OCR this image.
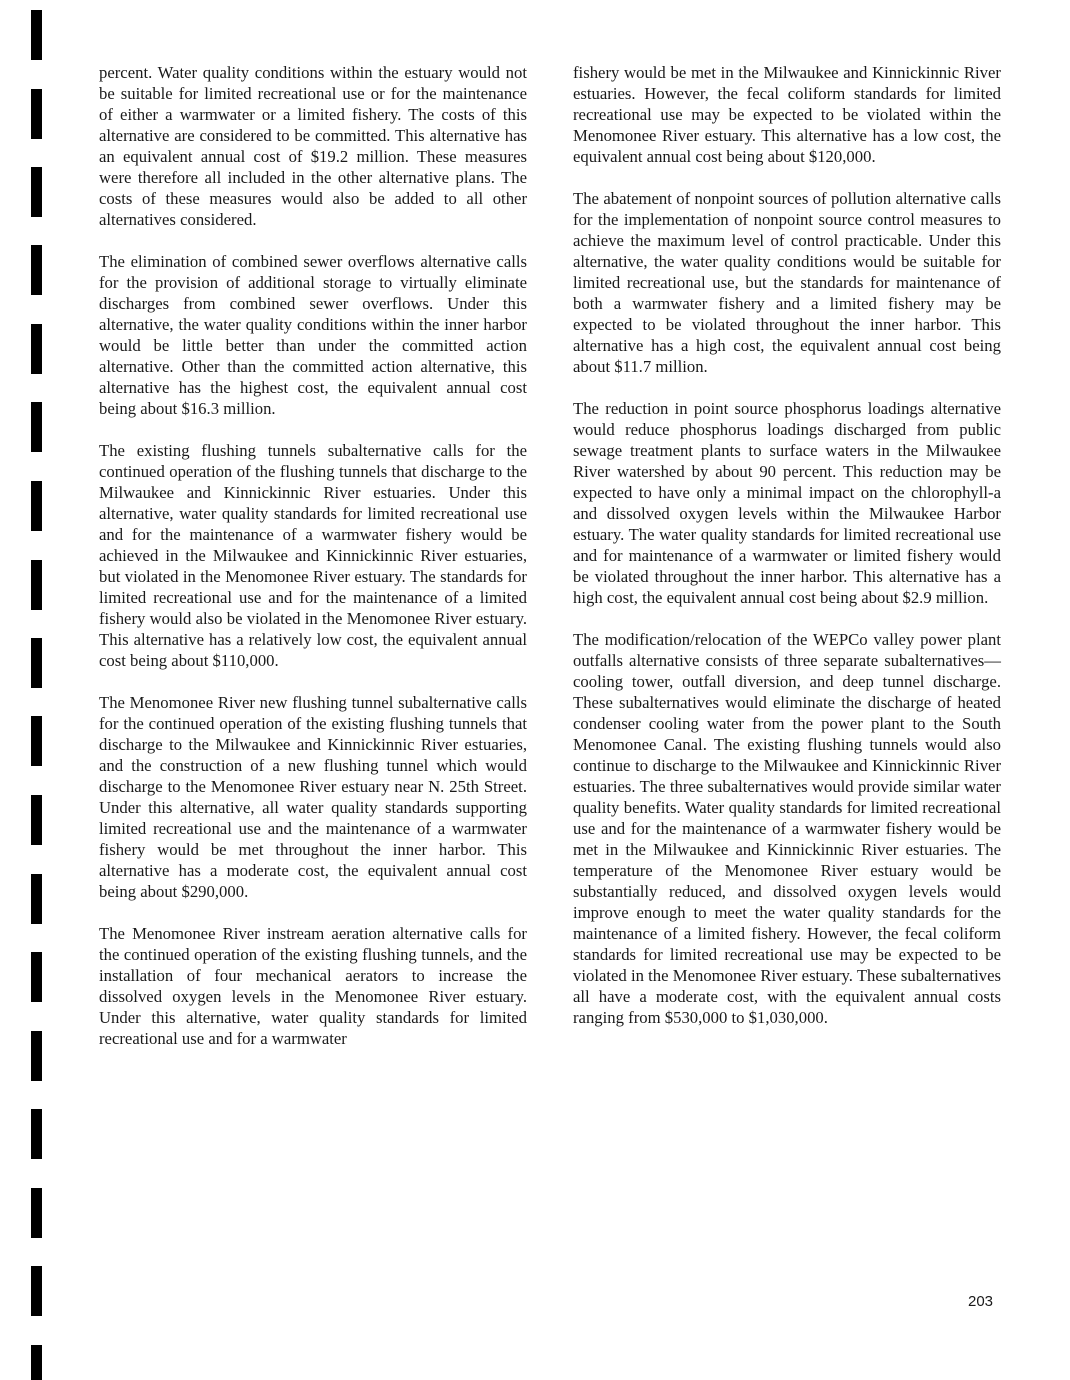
percent. Water quality conditions within the estuary would not be suitable for limited recreational use or for the maintenance of either a warmwater or a limited fishery. The costs of this alternative are considered to be committed. This alternative has an equivalent annual cost of $19.2 million. These measures were therefore all included in the other alternative plans. The costs of these measures would also be added to all other alternatives considered.

The elimination of combined sewer overflows alternative calls for the provision of additional storage to virtually eliminate discharges from combined sewer overflows. Under this alternative, the water quality conditions within the inner harbor would be little better than under the committed action alternative. Other than the committed action alternative, this alternative has the highest cost, the equivalent annual cost being about $16.3 million.

The existing flushing tunnels subalternative calls for the continued operation of the flushing tunnels that discharge to the Milwaukee and Kinnickinnic River estuaries. Under this alternative, water quality standards for limited recreational use and for the maintenance of a warmwater fishery would be achieved in the Milwaukee and Kinnickinnic River estuaries, but violated in the Menomonee River estuary. The standards for limited recreational use and for the maintenance of a limited fishery would also be violated in the Menomonee River estuary. This alternative has a relatively low cost, the equivalent annual cost being about $110,000.

The Menomonee River new flushing tunnel subalternative calls for the continued operation of the existing flushing tunnels that discharge to the Milwaukee and Kinnickinnic River estuaries, and the construction of a new flushing tunnel which would discharge to the Menomonee River estuary near N. 25th Street. Under this alternative, all water quality standards supporting limited recreational use and the maintenance of a warmwater fishery would be met throughout the inner harbor. This alternative has a moderate cost, the equivalent annual cost being about $290,000.

The Menomonee River instream aeration alternative calls for the continued operation of the existing flushing tunnels, and the installation of four mechanical aerators to increase the dissolved oxygen levels in the Menomonee River estuary. Under this alternative, water quality standards for limited recreational use and for a warmwater

fishery would be met in the Milwaukee and Kinnickinnic River estuaries. However, the fecal coliform standards for limited recreational use may be expected to be violated within the Menomonee River estuary. This alternative has a low cost, the equivalent annual cost being about $120,000.

The abatement of nonpoint sources of pollution alternative calls for the implementation of nonpoint source control measures to achieve the maximum level of control practicable. Under this alternative, the water quality conditions would be suitable for limited recreational use, but the standards for maintenance of both a warmwater fishery and a limited fishery may be expected to be violated throughout the inner harbor. This alternative has a high cost, the equivalent annual cost being about $11.7 million.

The reduction in point source phosphorus loadings alternative would reduce phosphorus loadings discharged from public sewage treatment plants to surface waters in the Milwaukee River watershed by about 90 percent. This reduction may be expected to have only a minimal impact on the chlorophyll-a and dissolved oxygen levels within the Milwaukee Harbor estuary. The water quality standards for limited recreational use and for maintenance of a warmwater or limited fishery would be violated throughout the inner harbor. This alternative has a high cost, the equivalent annual cost being about $2.9 million.

The modification/relocation of the WEPCo valley power plant outfalls alternative consists of three separate subalternatives—cooling tower, outfall diversion, and deep tunnel discharge. These subalternatives would eliminate the discharge of heated condenser cooling water from the power plant to the South Menomonee Canal. The existing flushing tunnels would also continue to discharge to the Milwaukee and Kinnickinnic River estuaries. The three subalternatives would provide similar water quality benefits. Water quality standards for limited recreational use and for the maintenance of a warmwater fishery would be met in the Milwaukee and Kinnickinnic River estuaries. The temperature of the Menomonee River estuary would be substantially reduced, and dissolved oxygen levels would improve enough to meet the water quality standards for the maintenance of a limited fishery. However, the fecal coliform standards for limited recreational use may be expected to be violated in the Menomonee River estuary. These subalternatives all have a moderate cost, with the equivalent annual costs ranging from $530,000 to $1,030,000.

203
